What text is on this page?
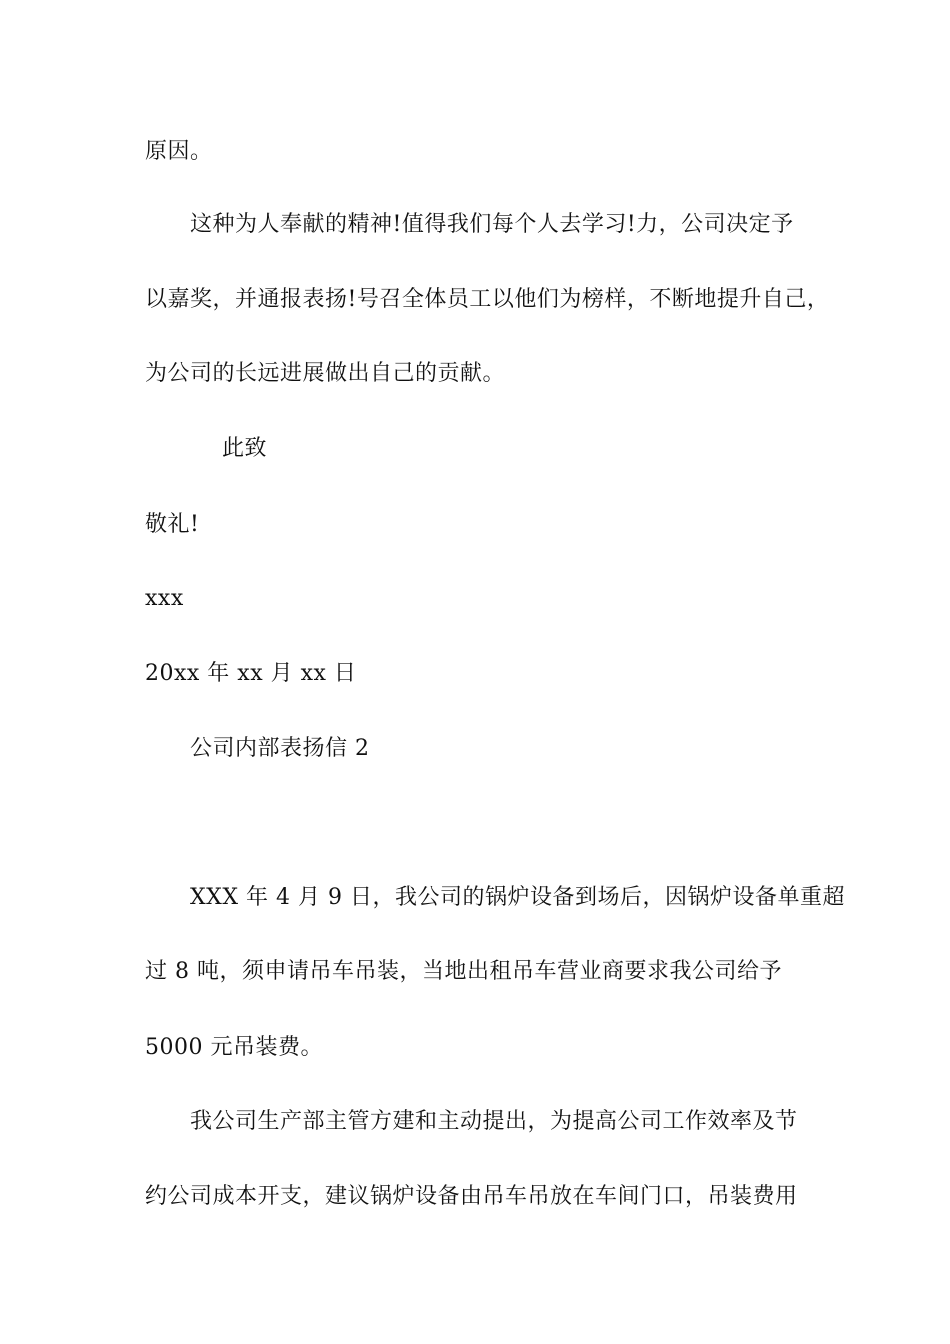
原因。
这种为人奉献的精神!值得我们每个人去学习!力，公司决定予
以嘉奖，并通报表扬!号召全体员工以他们为榜样，不断地提升自己，
为公司的长远进展做出自己的贡献。
此致
敬礼!
xxx
20xx 年 xx 月 xx 日
公司内部表扬信 2
XXX 年 4 月 9 日，我公司的锅炉设备到场后，因锅炉设备单重超
过 8 吨，须申请吊车吊装，当地出租吊车营业商要求我公司给予
5000 元吊装费。
我公司生产部主管方建和主动提出，为提高公司工作效率及节
约公司成本开支，建议锅炉设备由吊车吊放在车间门口，吊装费用
